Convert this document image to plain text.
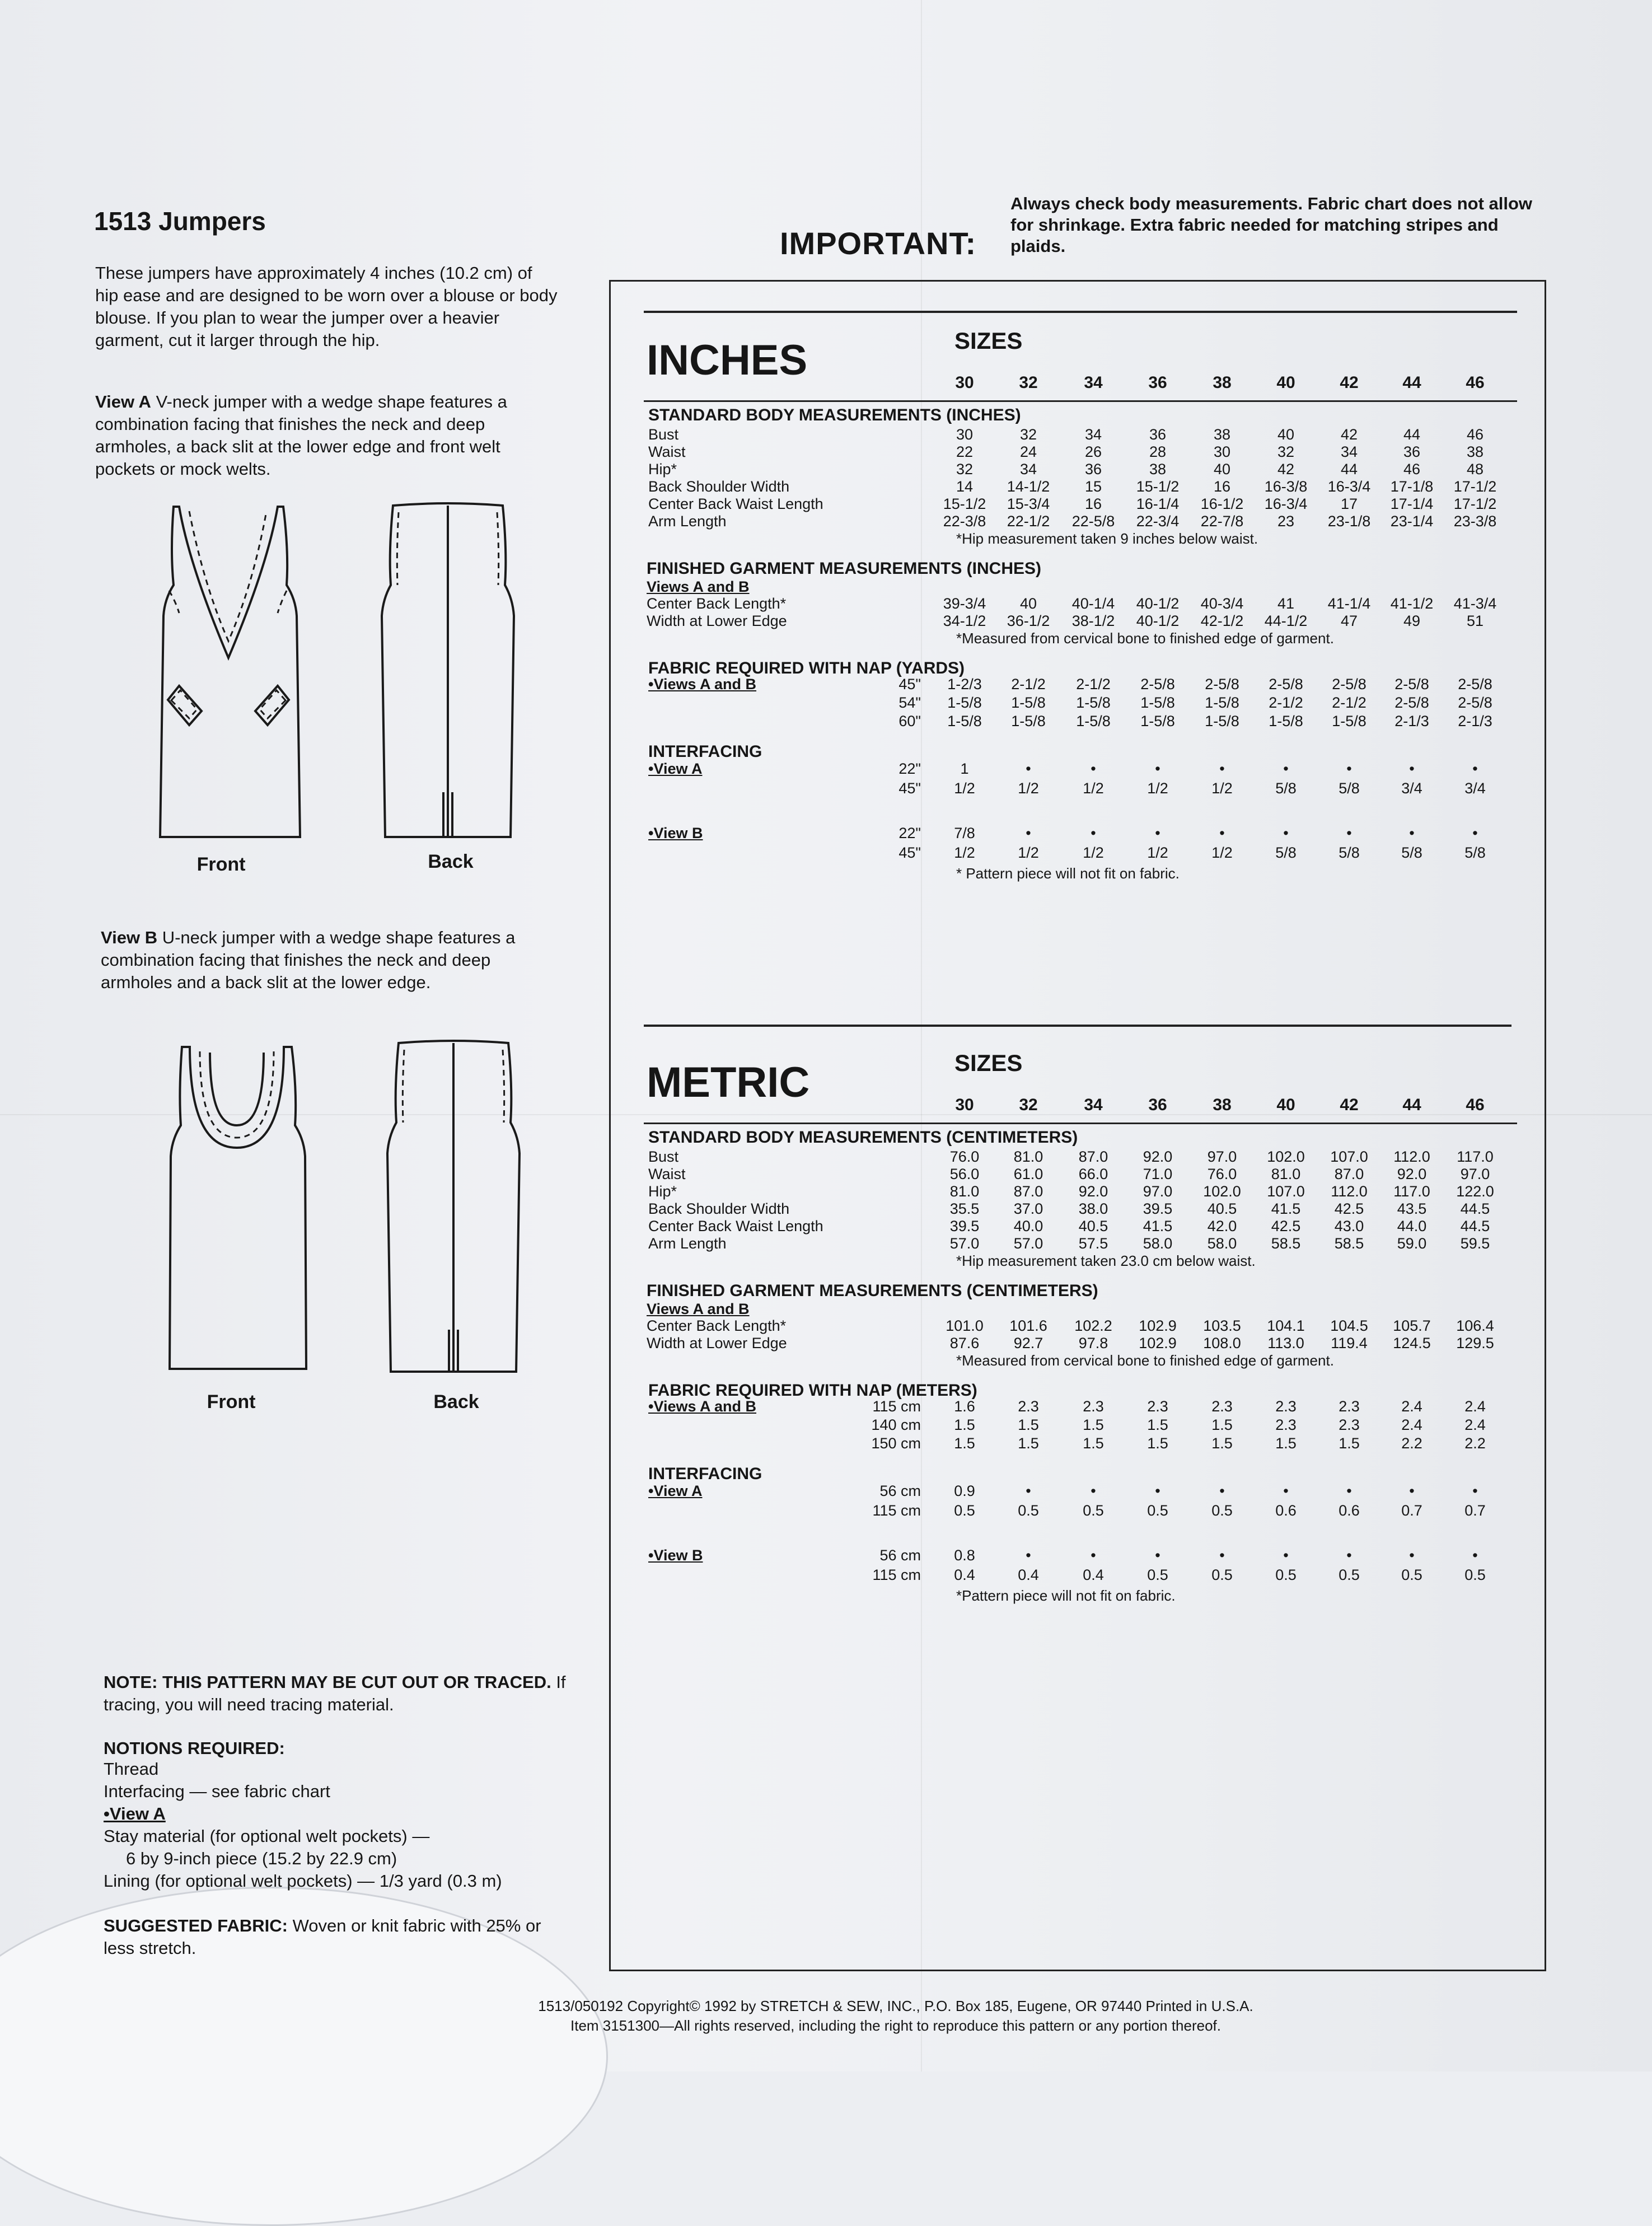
1513 Jumpers
These jumpers have approximately 4 inches (10.2 cm) of hip ease and are designed to be worn over a blouse or body blouse. If you plan to wear the jumper over a heavier garment, cut it larger through the hip.
View A V-neck jumper with a wedge shape features a combination facing that finishes the neck and deep armholes, a back slit at the lower edge and front welt pockets or mock welts.
Front	Back
View B U-neck jumper with a wedge shape features a combination facing that finishes the neck and deep armholes and a back slit at the lower edge.
Front	Back
NOTE: THIS PATTERN MAY BE CUT OUT OR TRACED. If tracing, you will need tracing material.
NOTIONS REQUIRED:
Thread
Interfacing — see fabric chart
•View A
Stay material (for optional welt pockets) —
6 by 9-inch piece (15.2 by 22.9 cm)
Lining (for optional welt pockets) — 1/3 yard (0.3 m)
SUGGESTED FABRIC: Woven or knit fabric with 25% or less stretch.
IMPORTANT:
Always check body measurements. Fabric chart does not allow for shrinkage. Extra fabric needed for matching stripes and plaids.
SIZES
INCHES	30	32	34	36	38	40	42	44	46
STANDARD BODY MEASUREMENTS (INCHES)
Bust	30	32	34	36	38	40	42	44	46
Waist	22	24	26	28	30	32	34	36	38
Hip*	32	34	36	38	40	42	44	46	48
Back Shoulder Width	14	14-1/2	15	15-1/2	16	16-3/8 16-3/4 17-1/8 17-1/2
Center Back Waist Length	15-1/2 15-3/4	16	16-1/4 16-1/2 16-3/4	17	17-1/4 17-1/2
Arm Length	22-3/8 22-1/2 22-5/8 22-3/4 22-7/8	23	23-1/8 23-1/4 23-3/8
*Hip measurement taken 9 inches below waist.
FINISHED GARMENT MEASUREMENTS (INCHES)
Views A and B
Center Back Length*	39-3/4	40	40-1/4 40-1/2 40-3/4	41	41-1/4 41-1/2 41-3/4
Width at Lower Edge	34-1/2 36-1/2 38-1/2 40-1/2 42-1/2 44-1/2	47	49	51
*Measured from cervical bone to finished edge of garment.
FABRIC REQUIRED WITH NAP (YARDS)
•Views A and B	45"	1-2/3	2-1/2	2-1/2	2-5/8	2-5/8	2-5/8	2-5/8	2-5/8	2-5/8
54"	1-5/8	1-5/8	1-5/8	1-5/8	1-5/8	2-1/2	2-1/2	2-5/8	2-5/8
60"	1-5/8	1-5/8	1-5/8	1-5/8	1-5/8	1-5/8	1-5/8	2-1/3	2-1/3
INTERFACING
•View A	22"	1	•	•	•	•	•	•	•	•
45"	1/2	1/2	1/2	1/2	1/2	5/8	5/8	3/4	3/4
•View B	22"	7/8	•	•	•	•	•	•	•	•
45"	1/2	1/2	1/2	1/2	1/2	5/8	5/8	5/8	5/8
* Pattern piece will not fit on fabric.
SIZES
METRIC	30	32	34	36	38	40	42	44	46
STANDARD BODY MEASUREMENTS (CENTIMETERS)
Bust	76.0	81.0	87.0	92.0	97.0	102.0	107.0	112.0	117.0
Waist	56.0	61.0	66.0	71.0	76.0	81.0	87.0	92.0	97.0
Hip*	81.0	87.0	92.0	97.0	102.0	107.0	112.0	117.0	122.0
Back Shoulder Width	35.5	37.0	38.0	39.5	40.5	41.5	42.5	43.5	44.5
Center Back Waist Length	39.5	40.0	40.5	41.5	42.0	42.5	43.0	44.0	44.5
Arm Length	57.0	57.0	57.5	58.0	58.0	58.5	58.5	59.0	59.5
*Hip measurement taken 23.0 cm below waist.
FINISHED GARMENT MEASUREMENTS (CENTIMETERS)
Views A and B
Center Back Length*	101.0	101.6	102.2	102.9	103.5	104.1	104.5	105.7	106.4
Width at Lower Edge	87.6	92.7	97.8	102.9	108.0	113.0	119.4	124.5	129.5
*Measured from cervical bone to finished edge of garment.
FABRIC REQUIRED WITH NAP (METERS)
•Views A and B	115 cm	1.6	2.3	2.3	2.3	2.3	2.3	2.3	2.4	2.4
140 cm	1.5	1.5	1.5	1.5	1.5	2.3	2.3	2.4	2.4
150 cm	1.5	1.5	1.5	1.5	1.5	1.5	1.5	2.2	2.2
INTERFACING
•View A	56 cm	0.9	•	•	•	•	•	•	•	•
115 cm	0.5	0.5	0.5	0.5	0.5	0.6	0.6	0.7	0.7
•View B	56 cm	0.8	•	•	•	•	•	•	•	•
115 cm	0.4	0.4	0.4	0.5	0.5	0.5	0.5	0.5	0.5
*Pattern piece will not fit on fabric.
1513/050192 Copyright© 1992 by STRETCH & SEW, INC., P.O. Box 185, Eugene, OR 97440 Printed in U.S.A.
Item 3151300—All rights reserved, including the right to reproduce this pattern or any portion thereof.
